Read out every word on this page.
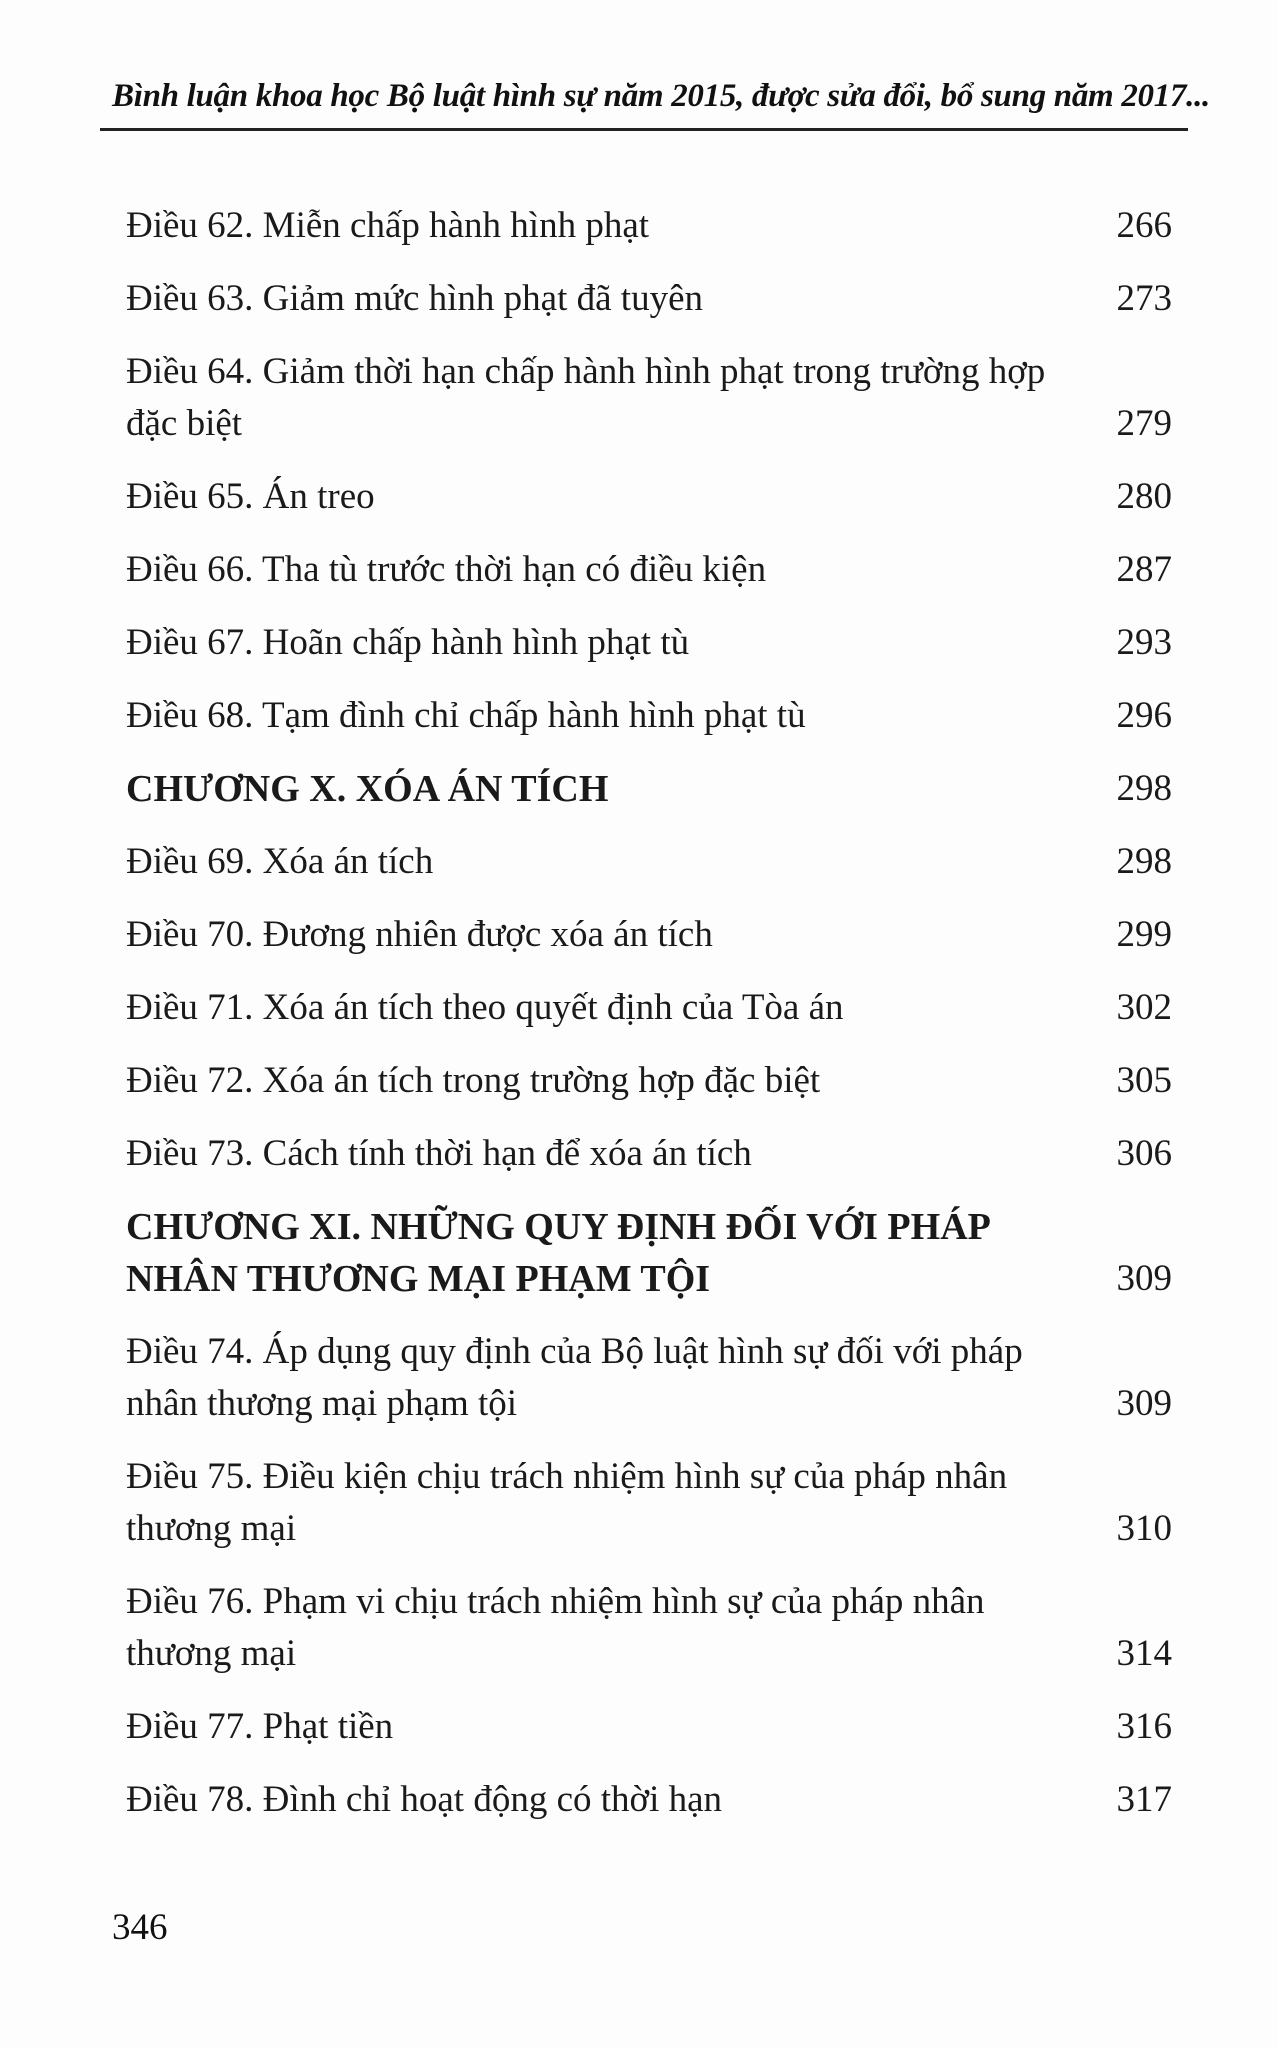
Bình luận khoa học Bộ luật hình sự năm 2015, được sửa đổi, bổ sung năm 2017...
Điều 62. Miễn chấp hành hình phạt	266
Điều 63. Giảm mức hình phạt đã tuyên	273
Điều 64. Giảm thời hạn chấp hành hình phạt trong trường hợp đặc biệt	279
Điều 65. Án treo	280
Điều 66. Tha tù trước thời hạn có điều kiện	287
Điều 67. Hoãn chấp hành hình phạt tù	293
Điều 68. Tạm đình chỉ chấp hành hình phạt tù	296
CHƯƠNG X. XÓA ÁN TÍCH	298
Điều 69. Xóa án tích	298
Điều 70. Đương nhiên được xóa án tích	299
Điều 71. Xóa án tích theo quyết định của Tòa án	302
Điều 72. Xóa án tích trong trường hợp đặc biệt	305
Điều 73. Cách tính thời hạn để xóa án tích	306
CHƯƠNG XI. NHỮNG QUY ĐỊNH ĐỐI VỚI PHÁP NHÂN THƯƠNG MẠI PHẠM TỘI	309
Điều 74. Áp dụng quy định của Bộ luật hình sự đối với pháp nhân thương mại phạm tội	309
Điều 75. Điều kiện chịu trách nhiệm hình sự của pháp nhân thương mại	310
Điều 76. Phạm vi chịu trách nhiệm hình sự của pháp nhân thương mại	314
Điều 77. Phạt tiền	316
Điều 78. Đình chỉ hoạt động có thời hạn	317
346
